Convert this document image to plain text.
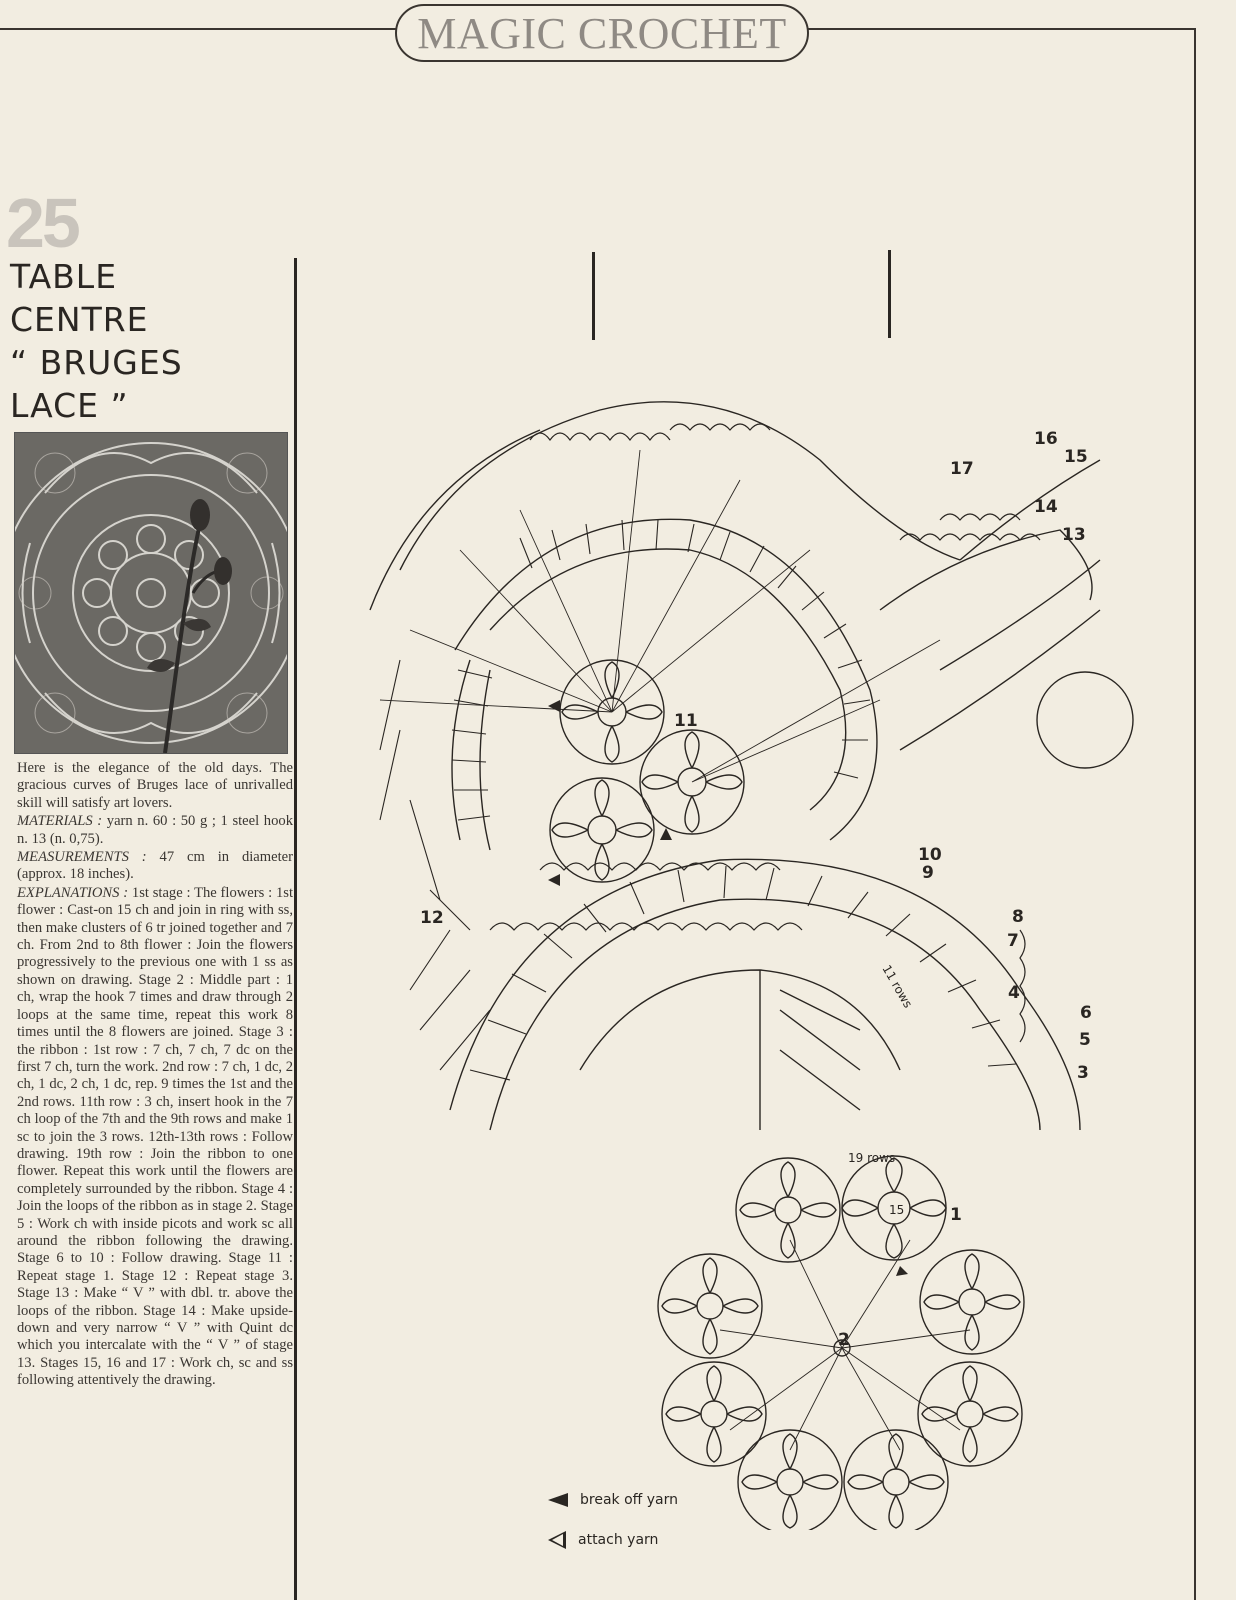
MAGIC CROCHET
25
TABLE
CENTRE
“ BRUGES
LACE ”

Here is the elegance of the old days. The gracious curves of Bruges lace of unrivalled skill will satisfy art lovers.

MATERIALS : yarn n. 60 : 50 g ; 1 steel hook n. 13 (n. 0,75).

MEASUREMENTS : 47 cm in diameter (approx. 18 inches).

EXPLANATIONS : 1st stage : The flowers : 1st flower : Cast-on 15 ch and join in ring with ss, then make clusters of 6 tr joined together and 7 ch. From 2nd to 8th flower : Join the flowers progressively to the previous one with 1 ss as shown on drawing. Stage 2 : Middle part : 1 ch, wrap the hook 7 times and draw through 2 loops at the same time, repeat this work 8 times until the 8 flowers are joined. Stage 3 : the ribbon : 1st row : 7 ch, 7 ch, 7 dc on the first 7 ch, turn the work. 2nd row : 7 ch, 1 dc, 2 ch, 1 dc, 2 ch, 1 dc, rep. 9 times the 1st and the 2nd rows. 11th row : 3 ch, insert hook in the 7 ch loop of the 7th and the 9th rows and make 1 sc to join the 3 rows. 12th-13th rows : Follow drawing. 19th row : Join the ribbon to one flower. Repeat this work until the flowers are completely surrounded by the ribbon. Stage 4 : Join the loops of the ribbon as in stage 2. Stage 5 : Work ch with inside picots and work sc all around the ribbon following the drawing. Stage 6 to 10 : Follow drawing. Stage 11 : Repeat stage 1. Stage 12 : Repeat stage 3. Stage 13 : Make “ V ” with dbl. tr. above the loops of the ribbon. Stage 14 : Make upside-down and very narrow “ V ” with Quint dc which you intercalate with the “ V ” of stage 13. Stages 15, 16 and 17 : Work ch, sc and ss following attentively the drawing.

1
2
3
4
5
6
7
8
9
10
11
12
13
14
15
16
17
19 rows
11 rows
15
break off yarn
attach yarn
